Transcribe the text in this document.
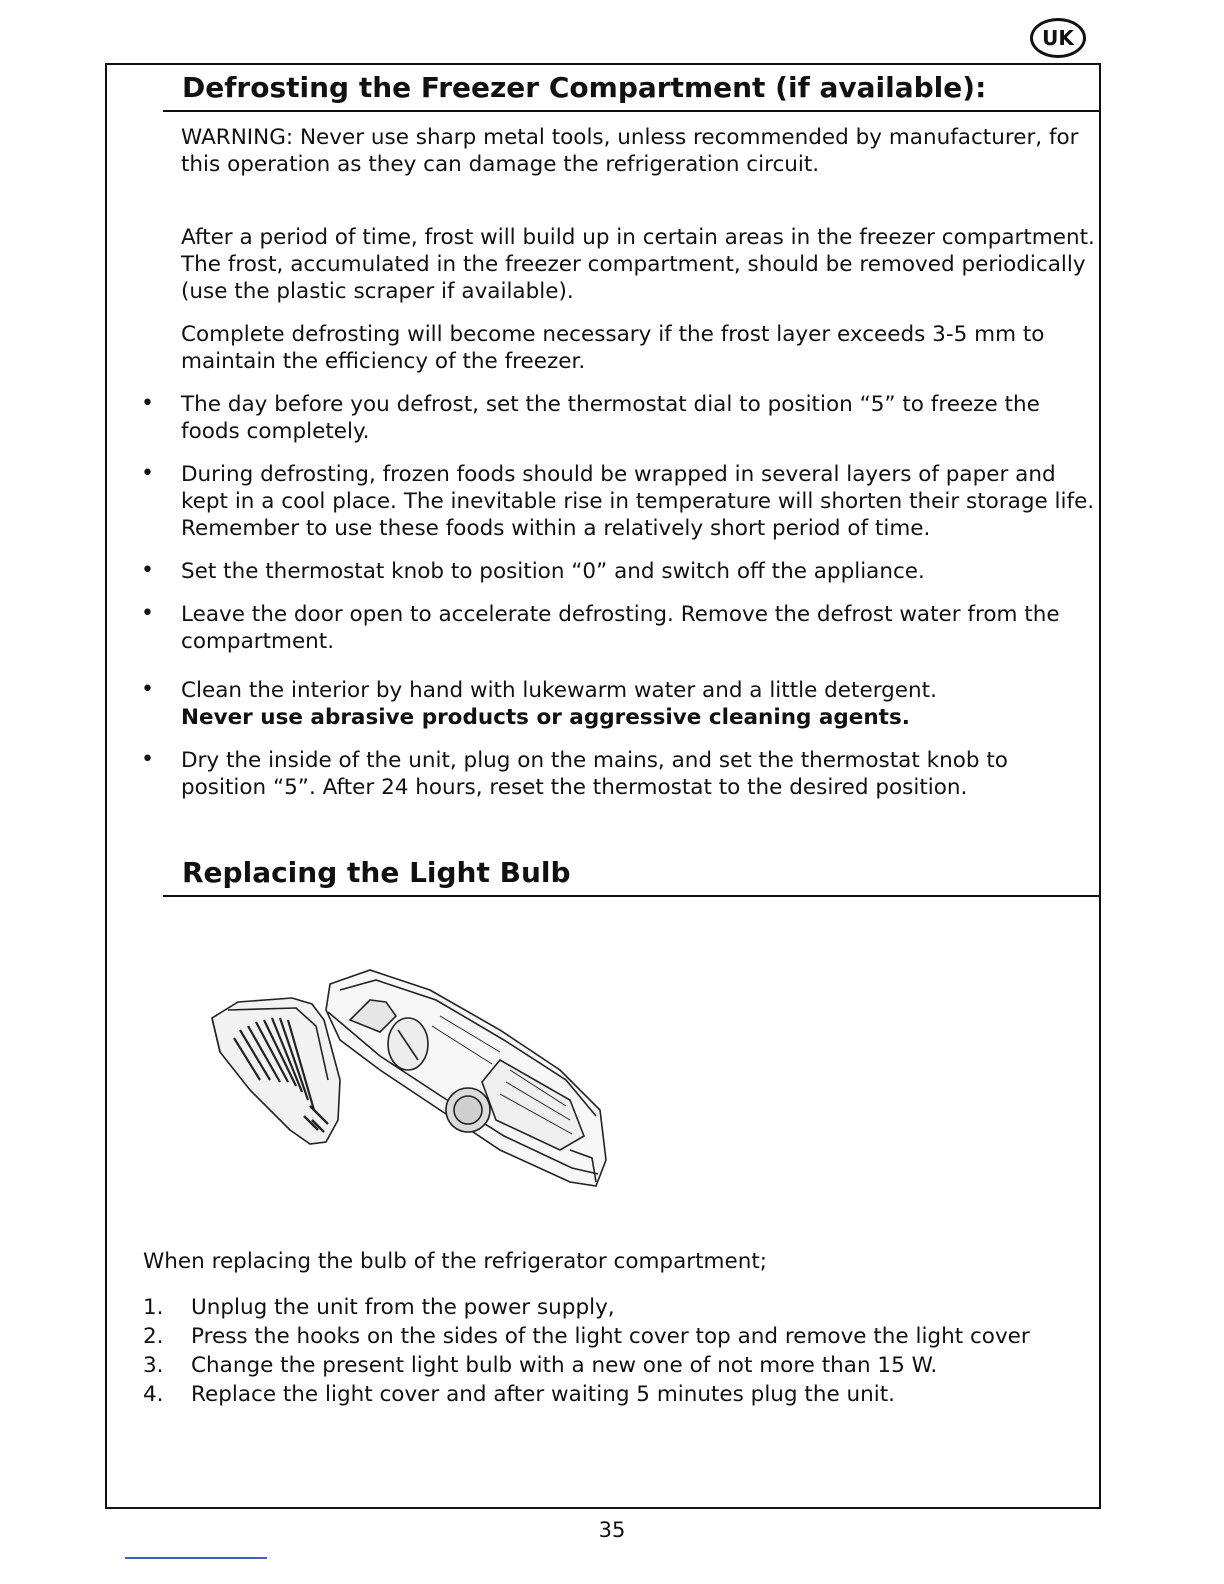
UK
Defrosting the Freezer Compartment (if available):

WARNING: Never use sharp metal tools, unless recommended by manufacturer, for
this operation as they can damage the refrigeration circuit.

After a period of time, frost will build up in certain areas in the freezer compartment.
The frost, accumulated in the freezer compartment, should be removed periodically
(use the plastic scraper if available).

Complete defrosting will become necessary if the frost layer exceeds 3-5 mm to
maintain the efficiency of the freezer.

• The day before you defrost, set the thermostat dial to position “5” to freeze the
foods completely.

• During defrosting, frozen foods should be wrapped in several layers of paper and
kept in a cool place. The inevitable rise in temperature will shorten their storage life.
Remember to use these foods within a relatively short period of time.

• Set the thermostat knob to position “0” and switch off the appliance.

• Leave the door open to accelerate defrosting. Remove the defrost water from the
compartment.

• Clean the interior by hand with lukewarm water and a little detergent.
Never use abrasive products or aggressive cleaning agents.

• Dry the inside of the unit, plug on the mains, and set the thermostat knob to
position “5”. After 24 hours, reset the thermostat to the desired position.

Replacing the Light Bulb
When replacing the bulb of the refrigerator compartment;
1. Unplug the unit from the power supply,
2. Press the hooks on the sides of the light cover top and remove the light cover
3. Change the present light bulb with a new one of not more than 15 W.
4. Replace the light cover and after waiting 5 minutes plug the unit.
35
